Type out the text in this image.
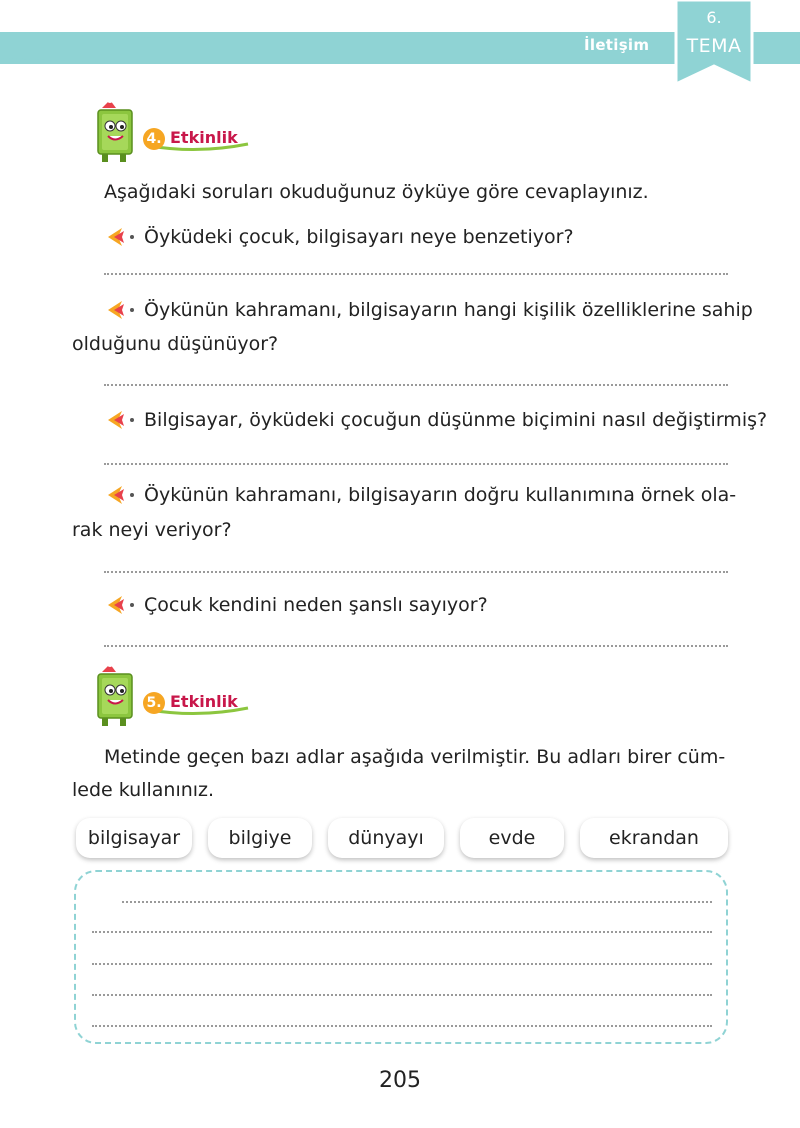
İletişim
6.
TEMA
4. Etkinlik
Aşağıdaki soruları okuduğunuz öyküye göre cevaplayınız.
Öyküdeki çocuk, bilgisayarı neye benzetiyor?
Öykünün kahramanı, bilgisayarın hangi kişilik özelliklerine sahip
olduğunu düşünüyor?
Bilgisayar, öyküdeki çocuğun düşünme biçimini nasıl değiştirmiş?
Öykünün kahramanı, bilgisayarın doğru kullanımına örnek ola-
rak neyi veriyor?
Çocuk kendini neden şanslı sayıyor?
5. Etkinlik
Metinde geçen bazı adlar aşağıda verilmiştir. Bu adları birer cüm-
lede kullanınız.
bilgisayar	bilgiye	dünyayı	evde	ekrandan
205
